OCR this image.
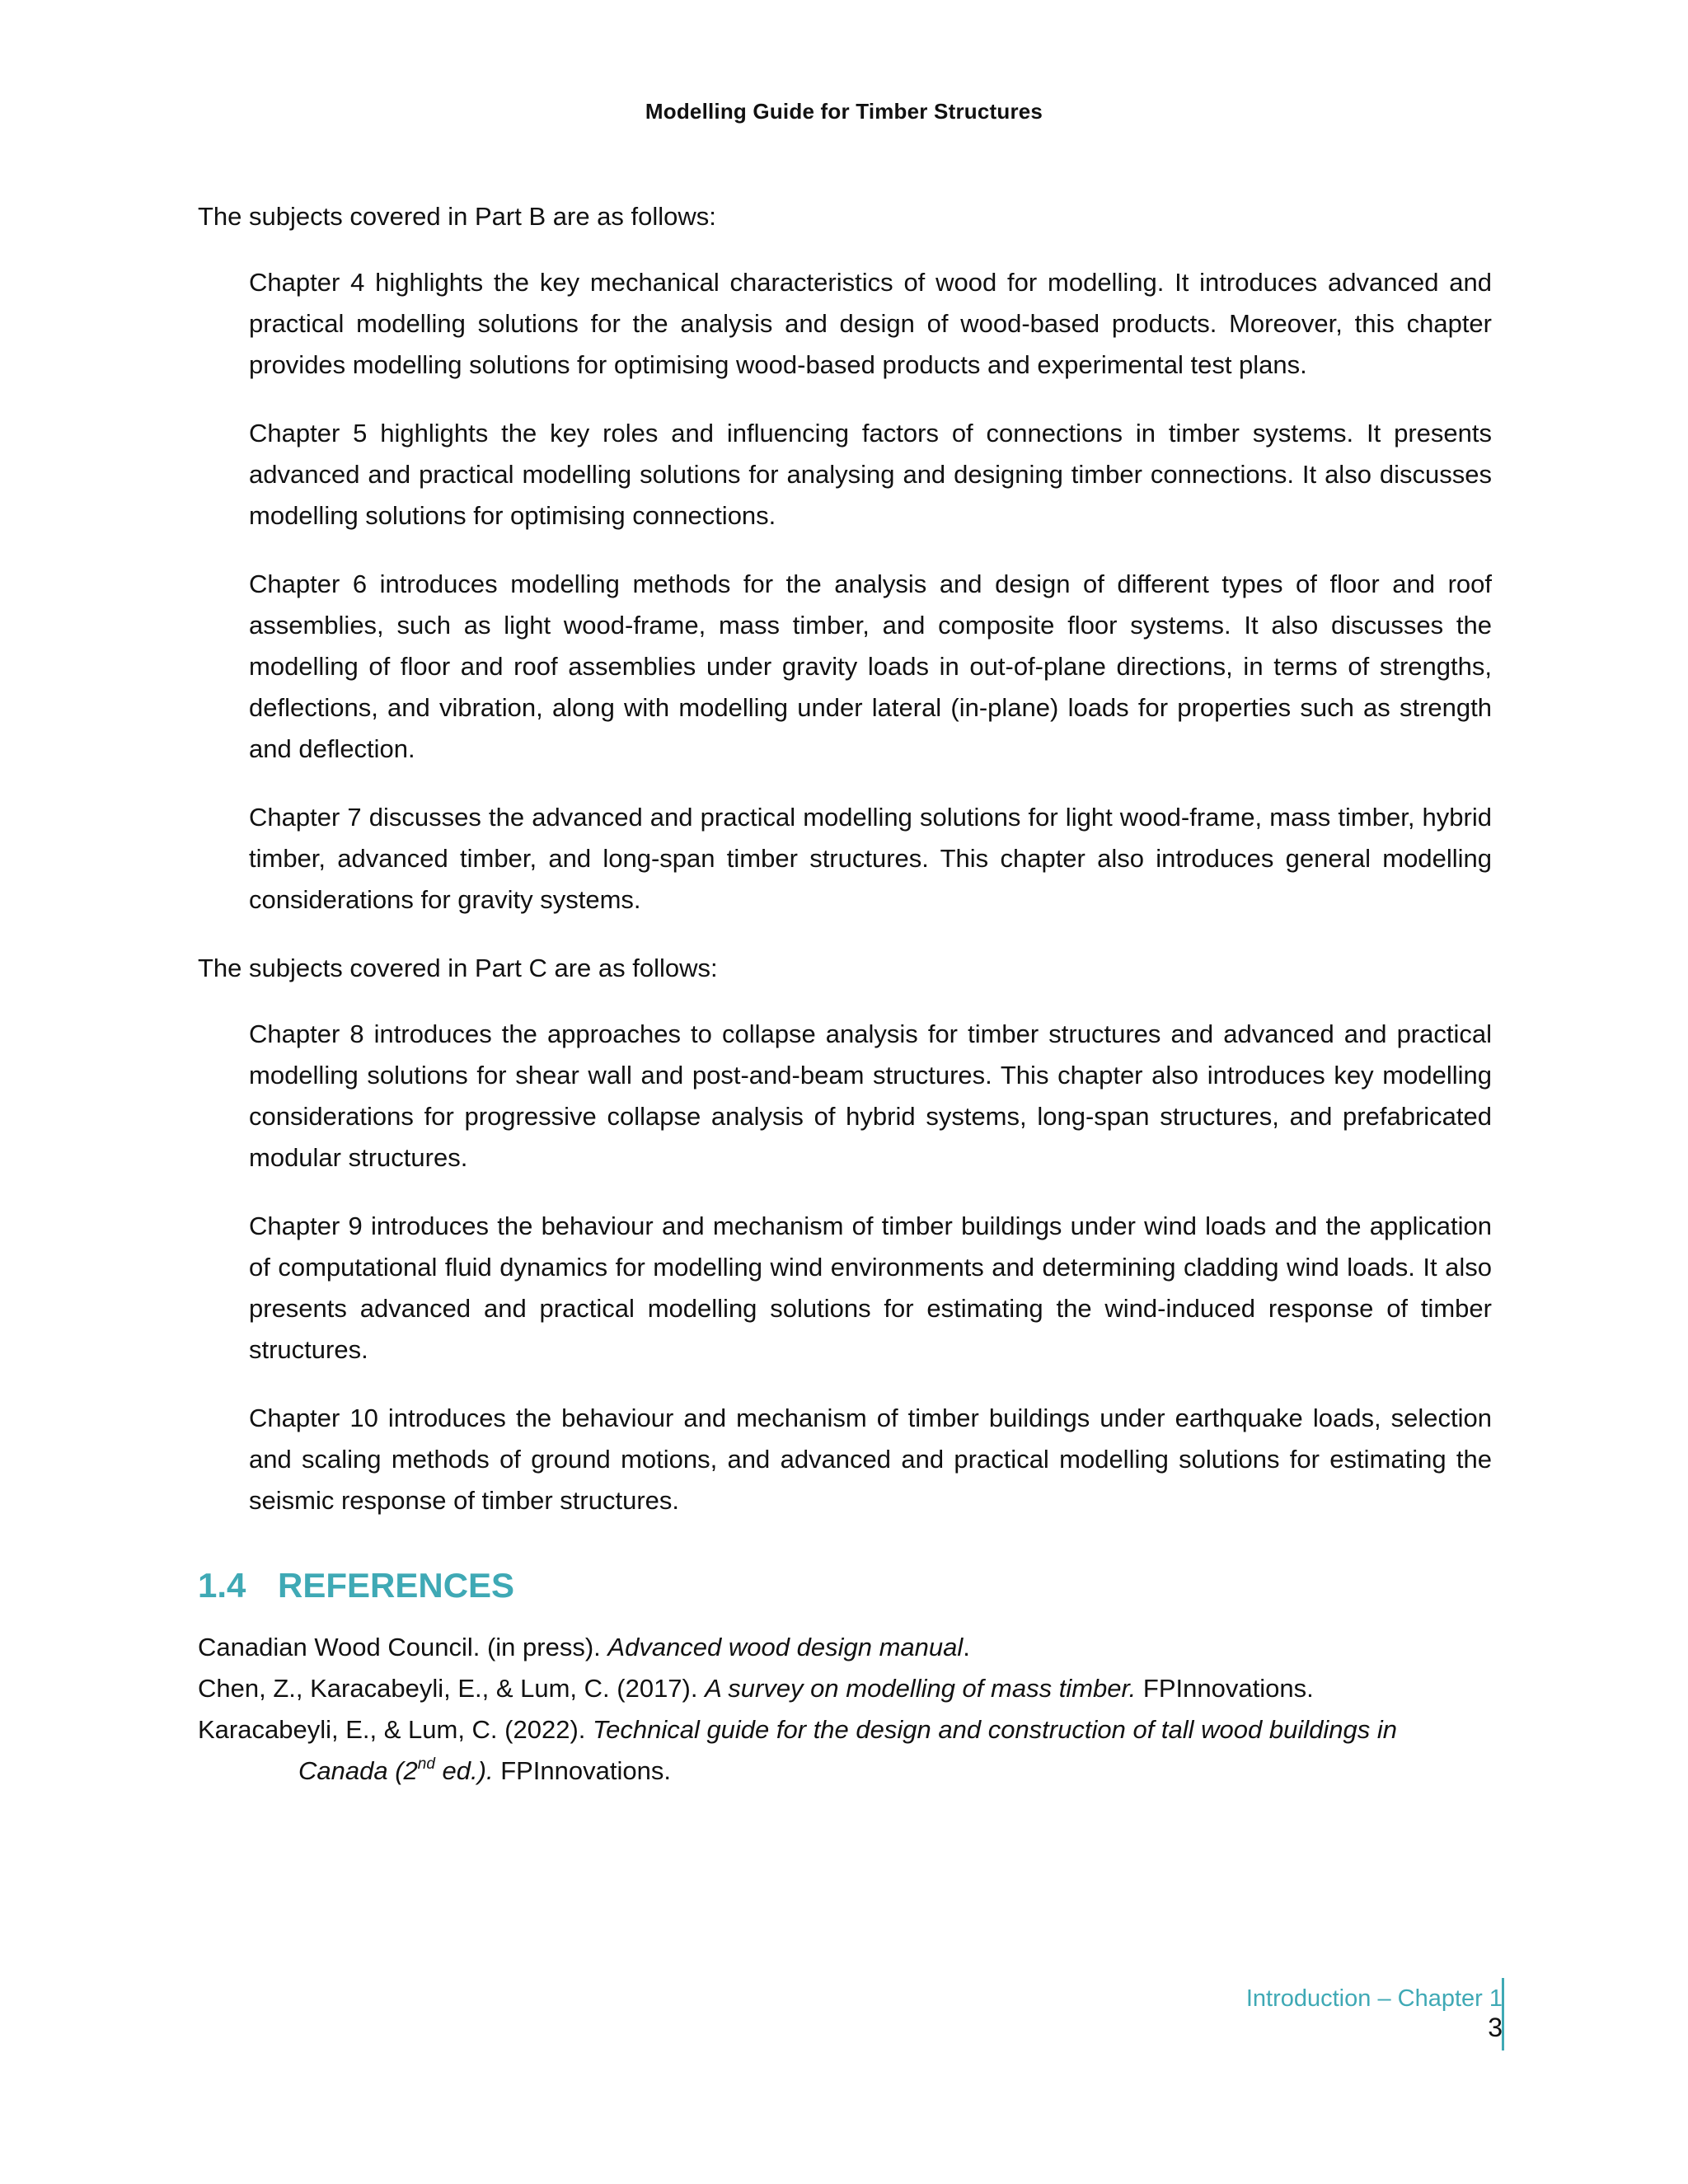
Modelling Guide for Timber Structures

The subjects covered in Part B are as follows:

Chapter 4 highlights the key mechanical characteristics of wood for modelling. It introduces advanced and practical modelling solutions for the analysis and design of wood-based products. Moreover, this chapter provides modelling solutions for optimising wood-based products and experimental test plans.

Chapter 5 highlights the key roles and influencing factors of connections in timber systems. It presents advanced and practical modelling solutions for analysing and designing timber connections. It also discusses modelling solutions for optimising connections.

Chapter 6 introduces modelling methods for the analysis and design of different types of floor and roof assemblies, such as light wood-frame, mass timber, and composite floor systems. It also discusses the modelling of floor and roof assemblies under gravity loads in out-of-plane directions, in terms of strengths, deflections, and vibration, along with modelling under lateral (in-plane) loads for properties such as strength and deflection.

Chapter 7 discusses the advanced and practical modelling solutions for light wood-frame, mass timber, hybrid timber, advanced timber, and long-span timber structures. This chapter also introduces general modelling considerations for gravity systems.

The subjects covered in Part C are as follows:

Chapter 8 introduces the approaches to collapse analysis for timber structures and advanced and practical modelling solutions for shear wall and post-and-beam structures. This chapter also introduces key modelling considerations for progressive collapse analysis of hybrid systems, long-span structures, and prefabricated modular structures.

Chapter 9 introduces the behaviour and mechanism of timber buildings under wind loads and the application of computational fluid dynamics for modelling wind environments and determining cladding wind loads. It also presents advanced and practical modelling solutions for estimating the wind-induced response of timber structures.

Chapter 10 introduces the behaviour and mechanism of timber buildings under earthquake loads, selection and scaling methods of ground motions, and advanced and practical modelling solutions for estimating the seismic response of timber structures.

1.4 REFERENCES
Canadian Wood Council. (in press). Advanced wood design manual.
Chen, Z., Karacabeyli, E., & Lum, C. (2017). A survey on modelling of mass timber. FPInnovations.
Karacabeyli, E., & Lum, C. (2022). Technical guide for the design and construction of tall wood buildings in Canada (2nd ed.). FPInnovations.
Introduction – Chapter 1
3
